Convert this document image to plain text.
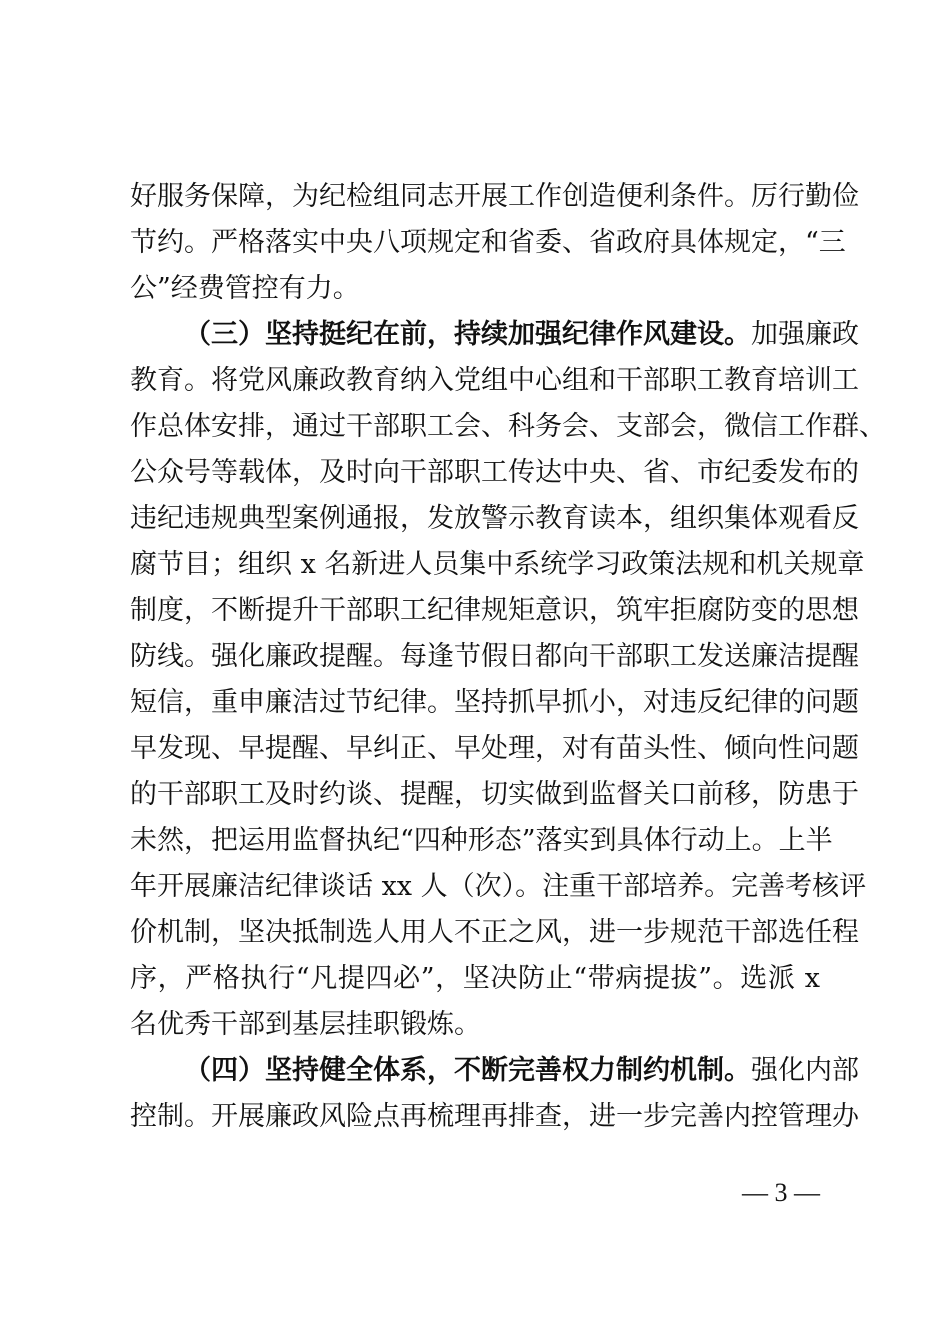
好服务保障，为纪检组同志开展工作创造便利条件。厉行勤俭
节约。严格落实中央八项规定和省委、省政府具体规定，“三
公”经费管控有力。
（三）坚持挺纪在前，持续加强纪律作风建设。加强廉政
教育。将党风廉政教育纳入党组中心组和干部职工教育培训工
作总体安排，通过干部职工会、科务会、支部会，微信工作群、
公众号等载体，及时向干部职工传达中央、省、市纪委发布的
违纪违规典型案例通报，发放警示教育读本，组织集体观看反
腐节目；组织 x 名新进人员集中系统学习政策法规和机关规章
制度，不断提升干部职工纪律规矩意识，筑牢拒腐防变的思想
防线。强化廉政提醒。每逢节假日都向干部职工发送廉洁提醒
短信，重申廉洁过节纪律。坚持抓早抓小，对违反纪律的问题
早发现、早提醒、早纠正、早处理，对有苗头性、倾向性问题
的干部职工及时约谈、提醒，切实做到监督关口前移，防患于
未然，把运用监督执纪“四种形态”落实到具体行动上。上半
年开展廉洁纪律谈话 xx 人（次）。注重干部培养。完善考核评
价机制，坚决抵制选人用人不正之风，进一步规范干部选任程
序，严格执行“凡提四必”，坚决防止“带病提拔”。选派 x
名优秀干部到基层挂职锻炼。
（四）坚持健全体系，不断完善权力制约机制。强化内部
控制。开展廉政风险点再梳理再排查，进一步完善内控管理办
— 3 —
